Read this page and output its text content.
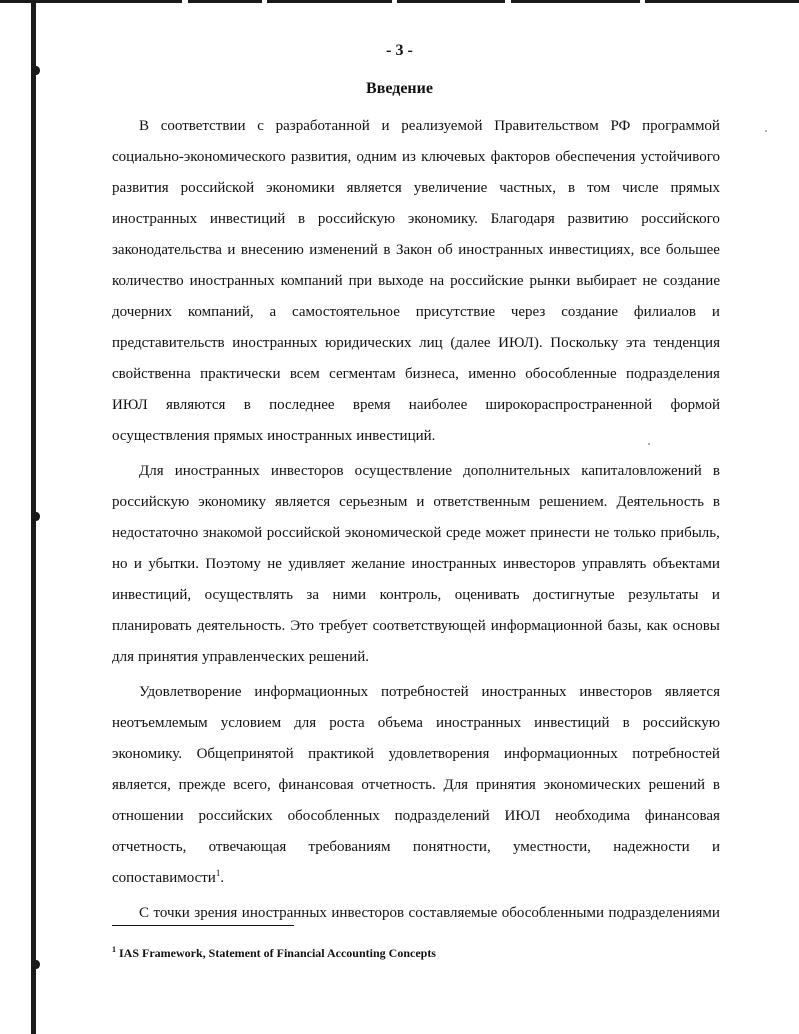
- 3 -
Введение
В соответствии с разработанной и реализуемой Правительством РФ программой
социально-экономического развития, одним из ключевых факторов обеспечения устойчивого
развития российской экономики является увеличение частных, в том числе прямых
иностранных инвестиций в российскую экономику. Благодаря развитию российского
законодательства и внесению изменений в Закон об иностранных инвестициях, все большее
количество иностранных компаний при выходе на российские рынки выбирает не создание
дочерних компаний, а самостоятельное присутствие через создание филиалов и
представительств иностранных юридических лиц (далее ИЮЛ). Поскольку эта тенденция
свойственна практически всем сегментам бизнеса, именно обособленные подразделения
ИЮЛ являются в последнее время наиболее широкораспространенной формой
осуществления прямых иностранных инвестиций.
Для иностранных инвесторов осуществление дополнительных капиталовложений в
российскую экономику является серьезным и ответственным решением. Деятельность в
недостаточно знакомой российской экономической среде может принести не только прибыль,
но и убытки. Поэтому не удивляет желание иностранных инвесторов управлять объектами
инвестиций, осуществлять за ними контроль, оценивать достигнутые результаты и
планировать деятельность. Это требует соответствующей информационной базы, как основы
для принятия управленческих решений.
Удовлетворение информационных потребностей иностранных инвесторов является
неотъемлемым условием для роста объема иностранных инвестиций в российскую
экономику. Общепринятой практикой удовлетворения информационных потребностей
является, прежде всего, финансовая отчетность. Для принятия экономических решений в
отношении российских обособленных подразделений ИЮЛ необходима финансовая
отчетность, отвечающая требованиям понятности, уместности, надежности и
сопоставимости$^1$.
С точки зрения иностранных инвесторов составляемые обособленными подразделениями
$^1$ IAS Framework, Statement of Financial Accounting Concepts
